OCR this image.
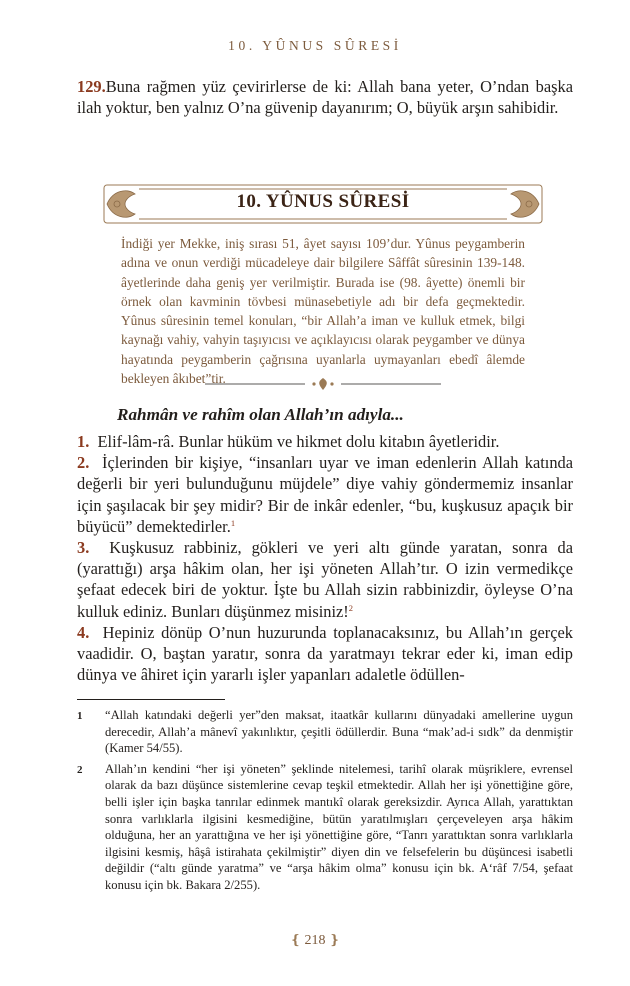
10. YÛNUS SÛRESİ

129.Buna rağmen yüz çevirirlerse de ki: Allah bana yeter, O’ndan başka ilah yoktur, ben yalnız O’na güvenip dayanırım; O, büyük arşın sahibidir.

10. YÛNUS SÛRESİ

İndiği yer Mekke, iniş sırası 51, âyet sayısı 109’dur. Yûnus peygamberin adına ve onun verdiği mücadeleye dair bilgilere Sâffât sûresinin 139-148. âyetlerinde daha geniş yer verilmiştir. Burada ise (98. âyette) önemli bir örnek olan kavminin tövbesi münasebetiyle adı bir defa geçmektedir. Yûnus sûresinin temel konuları, “bir Allah’a iman ve kulluk etmek, bilgi kaynağı vahiy, vahyin taşıyıcısı ve açıklayıcısı olarak peygamber ve dünya hayatında peygamberin çağrısına uyanlarla uymayanları ebedî âlemde bekleyen âkıbet”tir.

Rahmân ve rahîm olan Allah’ın adıyla...

1. Elif-lâm-râ. Bunlar hüküm ve hikmet dolu kitabın âyetleridir.

2. İçlerinden bir kişiye, “insanları uyar ve iman edenlerin Allah katında değerli bir yeri bulunduğunu müjdele” diye vahiy göndermemiz insanlar için şaşılacak bir şey midir? Bir de inkâr edenler, “bu, kuşkusuz apaçık bir büyücü” demektedirler.$^1$

3. Kuşkusuz rabbiniz, gökleri ve yeri altı günde yaratan, sonra da (yarattığı) arşa hâkim olan, her işi yöneten Allah’tır. O izin vermedikçe şefaat edecek biri de yoktur. İşte bu Allah sizin rabbinizdir, öyleyse O’na kulluk ediniz. Bunları düşünmez misiniz!$^2$

4. Hepiniz dönüp O’nun huzurunda toplanacaksınız, bu Allah’ın gerçek vaadidir. O, baştan yaratır, sonra da yaratmayı tekrar eder ki, iman edip dünya ve âhiret için yararlı işler yapanları adaletle ödüllen-

1	“Allah katındaki değerli yer”den maksat, itaatkâr kullarını dünyadaki amellerine uygun derecedir, Allah’a mânevî yakınlıktır, çeşitli ödüllerdir. Buna “mak’ad-i sıdk” da denmiştir (Kamer 54/55).
2	Allah’ın kendini “her işi yöneten” şeklinde nitelemesi, tarihî olarak müşriklere, evrensel olarak da bazı düşünce sistemlerine cevap teşkil etmektedir. Allah her işi yönettiğine göre, belli işler için başka tanrılar edinmek mantıkî olarak gereksizdir. Ayrıca Allah, yarattıktan sonra varlıklarla ilgisini kesmediğine, bütün yaratılmışları çerçeveleyen arşa hâkim olduğuna, her an yarattığına ve her işi yönettiğine göre, “Tanrı yarattıktan sonra varlıklarla ilgisini kesmiş, hâşâ istirahata çekilmiştir” diyen din ve felsefelerin bu düşüncesi isabetli değildir (“altı günde yaratma” ve “arşa hâkim olma” konusu için bk. A‘râf 7/54, şefaat konusu için bk. Bakara 2/255).
❴ 218 ❵
